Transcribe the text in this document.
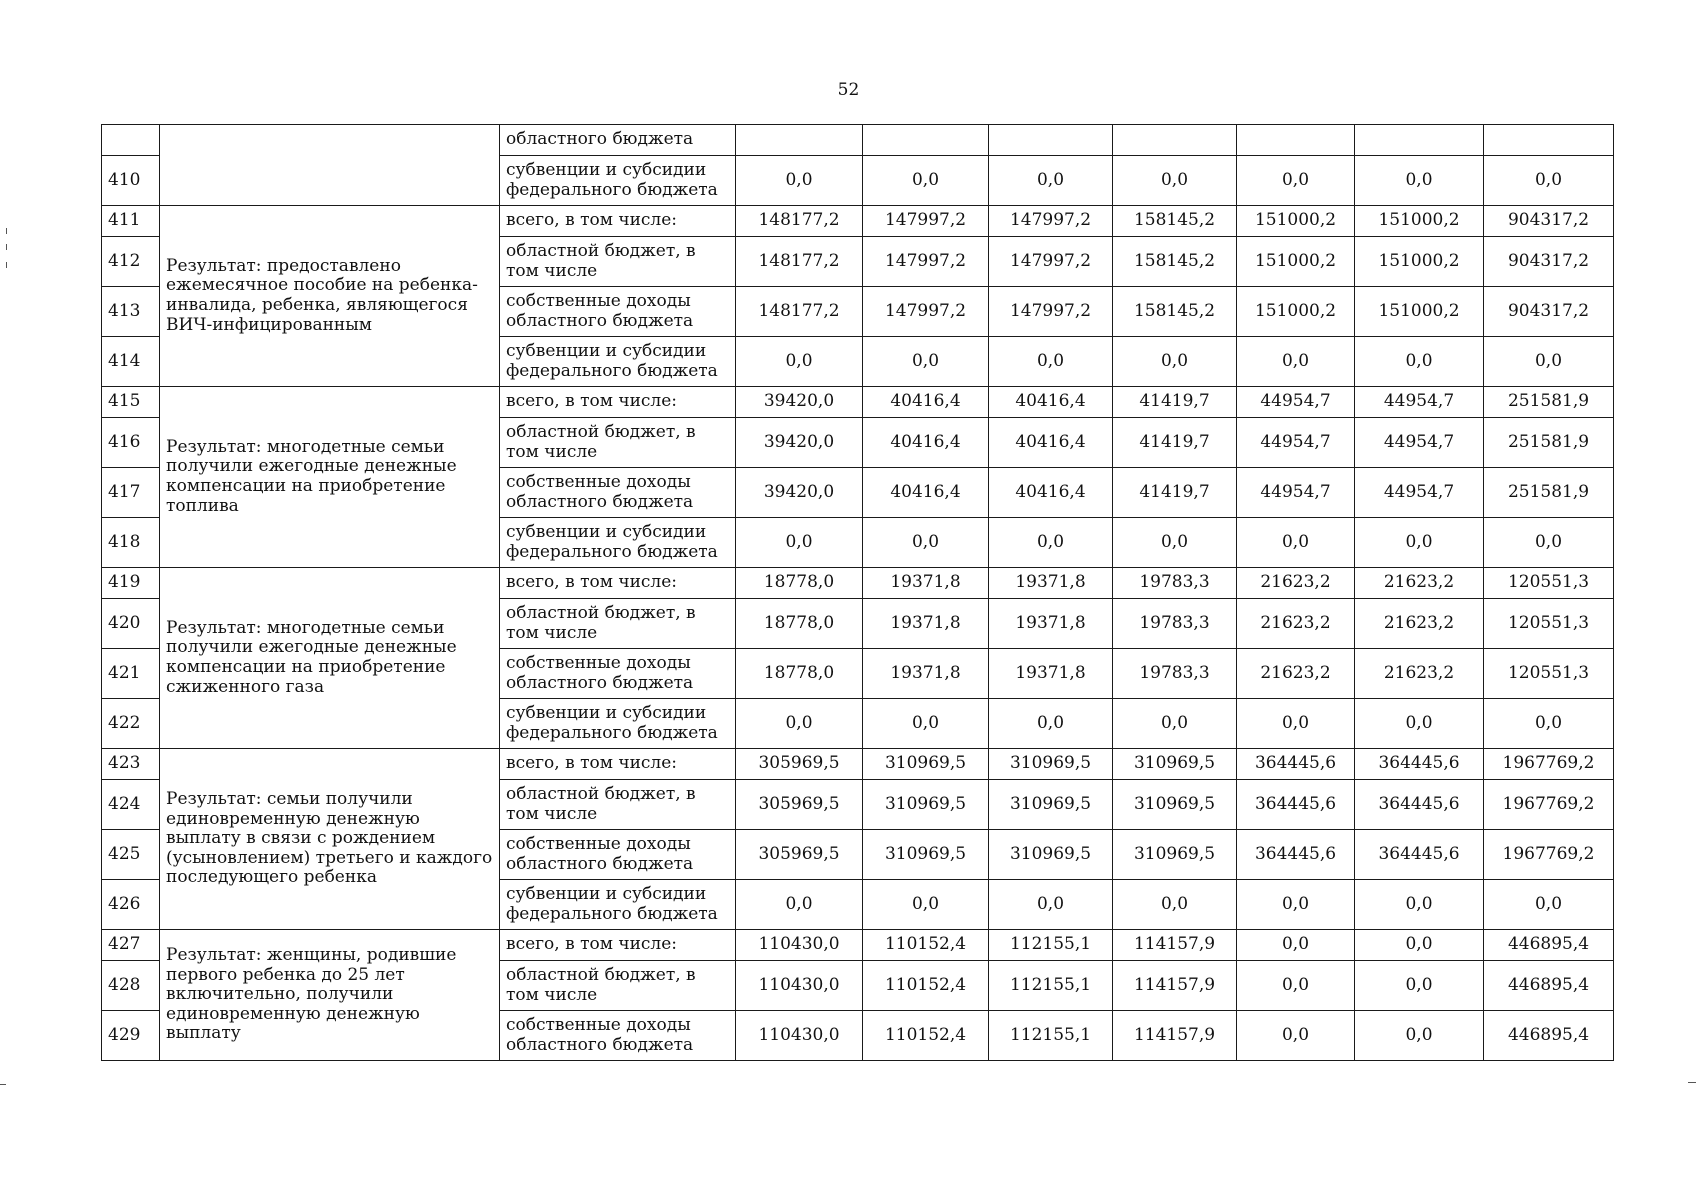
52
		областного бюджета							
410		субвенции и субсидии федерального бюджета	0,0	0,0	0,0	0,0	0,0	0,0	0,0
411	Результат: предоставлено ежемесячное пособие на ребенка-инвалида, ребенка, являющегося ВИЧ-инфицированным	всего, в том числе:	148177,2	147997,2	147997,2	158145,2	151000,2	151000,2	904317,2
412		областной бюджет, в том числе	148177,2	147997,2	147997,2	158145,2	151000,2	151000,2	904317,2
413		собственные доходы областного бюджета	148177,2	147997,2	147997,2	158145,2	151000,2	151000,2	904317,2
414		субвенции и субсидии федерального бюджета	0,0	0,0	0,0	0,0	0,0	0,0	0,0
415	Результат: многодетные семьи получили ежегодные денежные компенсации на приобретение топлива	всего, в том числе:	39420,0	40416,4	40416,4	41419,7	44954,7	44954,7	251581,9
416		областной бюджет, в том числе	39420,0	40416,4	40416,4	41419,7	44954,7	44954,7	251581,9
417		собственные доходы областного бюджета	39420,0	40416,4	40416,4	41419,7	44954,7	44954,7	251581,9
418		субвенции и субсидии федерального бюджета	0,0	0,0	0,0	0,0	0,0	0,0	0,0
419	Результат: многодетные семьи получили ежегодные денежные компенсации на приобретение сжиженного газа	всего, в том числе:	18778,0	19371,8	19371,8	19783,3	21623,2	21623,2	120551,3
420		областной бюджет, в том числе	18778,0	19371,8	19371,8	19783,3	21623,2	21623,2	120551,3
421		собственные доходы областного бюджета	18778,0	19371,8	19371,8	19783,3	21623,2	21623,2	120551,3
422		субвенции и субсидии федерального бюджета	0,0	0,0	0,0	0,0	0,0	0,0	0,0
423	Результат: семьи получили единовременную денежную выплату в связи с рождением (усыновлением) третьего и каждого последующего ребенка	всего, в том числе:	305969,5	310969,5	310969,5	310969,5	364445,6	364445,6	1967769,2
424		областной бюджет, в том числе	305969,5	310969,5	310969,5	310969,5	364445,6	364445,6	1967769,2
425		собственные доходы областного бюджета	305969,5	310969,5	310969,5	310969,5	364445,6	364445,6	1967769,2
426		субвенции и субсидии федерального бюджета	0,0	0,0	0,0	0,0	0,0	0,0	0,0
427	Результат: женщины, родившие первого ребенка до 25 лет включительно, получили единовременную денежную выплату	всего, в том числе:	110430,0	110152,4	112155,1	114157,9	0,0	0,0	446895,4
428		областной бюджет, в том числе	110430,0	110152,4	112155,1	114157,9	0,0	0,0	446895,4
429		собственные доходы областного бюджета	110430,0	110152,4	112155,1	114157,9	0,0	0,0	446895,4
